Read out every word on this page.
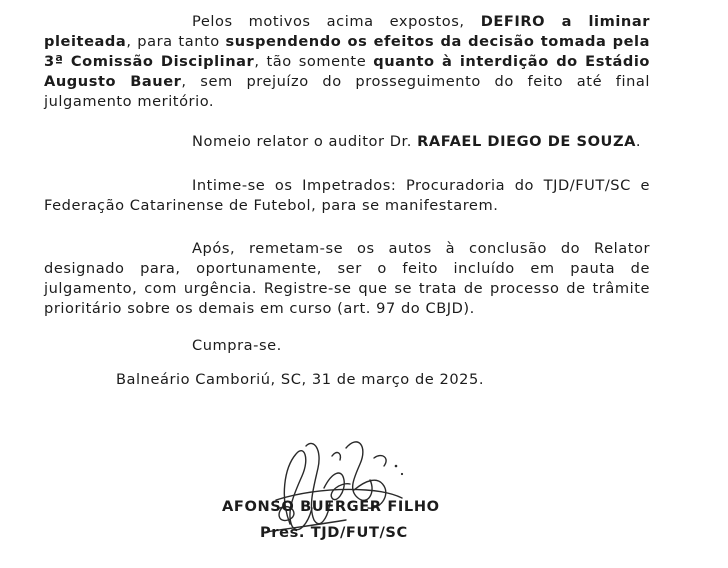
Pelos motivos acima expostos, DEFIRO a liminar pleiteada, para tanto suspendendo os efeitos da decisão tomada pela 3ª Comissão Disciplinar, tão somente quanto à interdição do Estádio Augusto Bauer, sem prejuízo do prosseguimento do feito até final julgamento meritório.

Nomeio relator o auditor Dr. RAFAEL DIEGO DE SOUZA.

Intime-se os Impetrados: Procuradoria do TJD/FUT/SC e Federação Catarinense de Futebol, para se manifestarem.

Após, remetam-se os autos à conclusão do Relator designado para, oportunamente, ser o feito incluído em pauta de julgamento, com urgência. Registre-se que se trata de processo de trâmite prioritário sobre os demais em curso (art. 97 do CBJD).

Cumpra-se.

Balneário Camboriú, SC, 31 de março de 2025.

AFONSO BUERGER FILHO
Pres. TJD/FUT/SC
